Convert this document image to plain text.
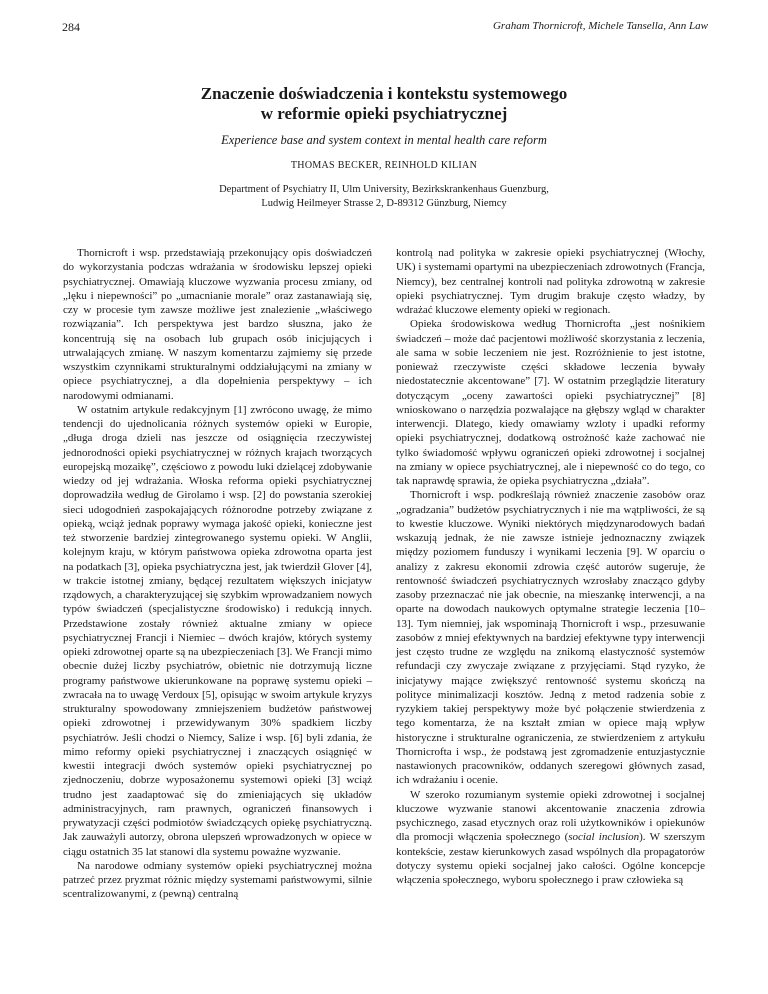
284	Graham Thornicroft, Michele Tansella, Ann Law
Znaczenie doświadczenia i kontekstu systemowego
w reformie opieki psychiatrycznej
Experience base and system context in mental health care reform
THOMAS BECKER, REINHOLD KILIAN
Department of Psychiatry II, Ulm University, Bezirkskrankenhaus Guenzburg,
Ludwig Heilmeyer Strasse 2, D-89312 Günzburg, Niemcy

Thornicroft i wsp. przedstawiają przekonujący opis doświadczeń do wykorzystania podczas wdrażania w środowisku lepszej opieki psychiatrycznej. Omawiają kluczowe wyzwania procesu zmiany, od „lęku i niepewności” po „umacnianie morale” oraz zastanawiają się, czy w procesie tym zawsze możliwe jest znalezienie „właściwego rozwiązania”. Ich perspektywa jest bardzo słuszna, jako że koncentrują się na osobach lub grupach osób inicjujących i utrwalających zmianę. W naszym komentarzu zajmiemy się przede wszystkim czynnikami strukturalnymi oddziałującymi na zmiany w opiece psychiatrycznej, a dla dopełnienia perspektywy – ich narodowymi odmianami.

W ostatnim artykule redakcyjnym [1] zwrócono uwagę, że mimo tendencji do ujednolicania różnych systemów opieki w Europie, „długa droga dzieli nas jeszcze od osiągnięcia rzeczywistej jednorodności opieki psychiatrycznej w różnych krajach tworzących europejską mozaikę”, częściowo z powodu luki dzielącej zdobywanie wiedzy od jej wdrażania. Włoska reforma opieki psychiatrycznej doprowadziła według de Girolamo i wsp. [2] do powstania szerokiej sieci udogodnień zaspokajających różnorodne potrzeby związane z opieką, wciąż jednak poprawy wymaga jakość opieki, konieczne jest też stworzenie bardziej zintegrowanego systemu opieki. W Anglii, kolejnym kraju, w którym państwowa opieka zdrowotna oparta jest na podatkach [3], opieka psychiatryczna jest, jak twierdził Glover [4], w trakcie istotnej zmiany, będącej rezultatem większych inicjatyw rządowych, a charakteryzującej się szybkim wprowadzaniem nowych typów świadczeń (specjalistyczne środowisko) i redukcją innych. Przedstawione zostały również aktualne zmiany w opiece psychiatrycznej Francji i Niemiec – dwóch krajów, których systemy opieki zdrowotnej oparte są na ubezpieczeniach [3]. We Francji mimo obecnie dużej liczby psychiatrów, obietnic nie dotrzymują liczne programy państwowe ukierunkowane na poprawę systemu opieki – zwracała na to uwagę Verdoux [5], opisując w swoim artykule kryzys strukturalny spowodowany zmniejszeniem budżetów państwowej opieki zdrowotnej i przewidywanym 30% spadkiem liczby psychiatrów. Jeśli chodzi o Niemcy, Salize i wsp. [6] byli zdania, że mimo reformy opieki psychiatrycznej i znaczących osiągnięć w kwestii integracji dwóch systemów opieki psychiatrycznej po zjednoczeniu, dobrze wyposażonemu systemowi opieki [3] wciąż trudno jest zaadaptować się do zmieniających się układów administracyjnych, ram prawnych, ograniczeń finansowych i prywatyzacji części podmiotów świadczących opiekę psychiatryczną. Jak zauważyli autorzy, obrona ulepszeń wprowadzonych w opiece w ciągu ostatnich 35 lat stanowi dla systemu poważne wyzwanie.

Na narodowe odmiany systemów opieki psychiatrycznej można patrzeć przez pryzmat różnic między systemami państwowymi, silnie scentralizowanymi, z (pewną) centralną

kontrolą nad polityka w zakresie opieki psychiatrycznej (Włochy, UK) i systemami opartymi na ubezpieczeniach zdrowotnych (Francja, Niemcy), bez centralnej kontroli nad polityka zdrowotną w zakresie opieki psychiatrycznej. Tym drugim brakuje często władzy, by wdrażać kluczowe elementy opieki w regionach.

Opieka środowiskowa według Thornicrofta „jest nośnikiem świadczeń – może dać pacjentowi możliwość skorzystania z leczenia, ale sama w sobie leczeniem nie jest. Rozróżnienie to jest istotne, ponieważ rzeczywiste części składowe leczenia bywały niedostatecznie akcentowane” [7]. W ostatnim przeglądzie literatury dotyczącym „oceny zawartości opieki psychiatrycznej” [8] wnioskowano o narzędzia pozwalające na głębszy wgląd w charakter interwencji. Dlatego, kiedy omawiamy wzloty i upadki reformy opieki psychiatrycznej, dodatkową ostrożność każe zachować nie tylko świadomość wpływu ograniczeń opieki zdrowotnej i socjalnej na zmiany w opiece psychiatrycznej, ale i niepewność co do tego, co tak naprawdę sprawia, że opieka psychiatryczna „działa”.

Thornicroft i wsp. podkreślają również znaczenie zasobów oraz „ogradzania” budżetów psychiatrycznych i nie ma wątpliwości, że są to kwestie kluczowe. Wyniki niektórych międzynarodowych badań wskazują jednak, że nie zawsze istnieje jednoznaczny związek między poziomem funduszy i wynikami leczenia [9]. W oparciu o analizy z zakresu ekonomii zdrowia część autorów sugeruje, że rentowność świadczeń psychiatrycznych wzrosłaby znacząco gdyby zasoby przeznaczać nie jak obecnie, na mieszankę interwencji, a na oparte na dowodach naukowych optymalne strategie leczenia [10–13]. Tym niemniej, jak wspominają Thornicroft i wsp., przesuwanie zasobów z mniej efektywnych na bardziej efektywne typy interwencji jest często trudne ze względu na znikomą elastyczność systemów refundacji czy zwyczaje związane z przyjęciami. Stąd ryzyko, że inicjatywy mające zwiększyć rentowność systemu skończą na polityce minimalizacji kosztów. Jedną z metod radzenia sobie z ryzykiem takiej perspektywy może być połączenie stwierdzenia z tego komentarza, że na kształt zmian w opiece mają wpływ historyczne i strukturalne ograniczenia, ze stwierdzeniem z artykułu Thornicrofta i wsp., że podstawą jest zgromadzenie entuzjastycznie nastawionych pracowników, oddanych szeregowi głównych zasad, ich wdrażaniu i ocenie.

W szeroko rozumianym systemie opieki zdrowotnej i socjalnej kluczowe wyzwanie stanowi akcentowanie znaczenia zdrowia psychicznego, zasad etycznych oraz roli użytkowników i opiekunów dla promocji włączenia społecznego (social inclusion). W szerszym kontekście, zestaw kierunkowych zasad wspólnych dla propagatorów dotyczy systemu opieki socjalnej jako całości. Ogólne koncepcje włączenia społecznego, wyboru społecznego i praw człowieka są
